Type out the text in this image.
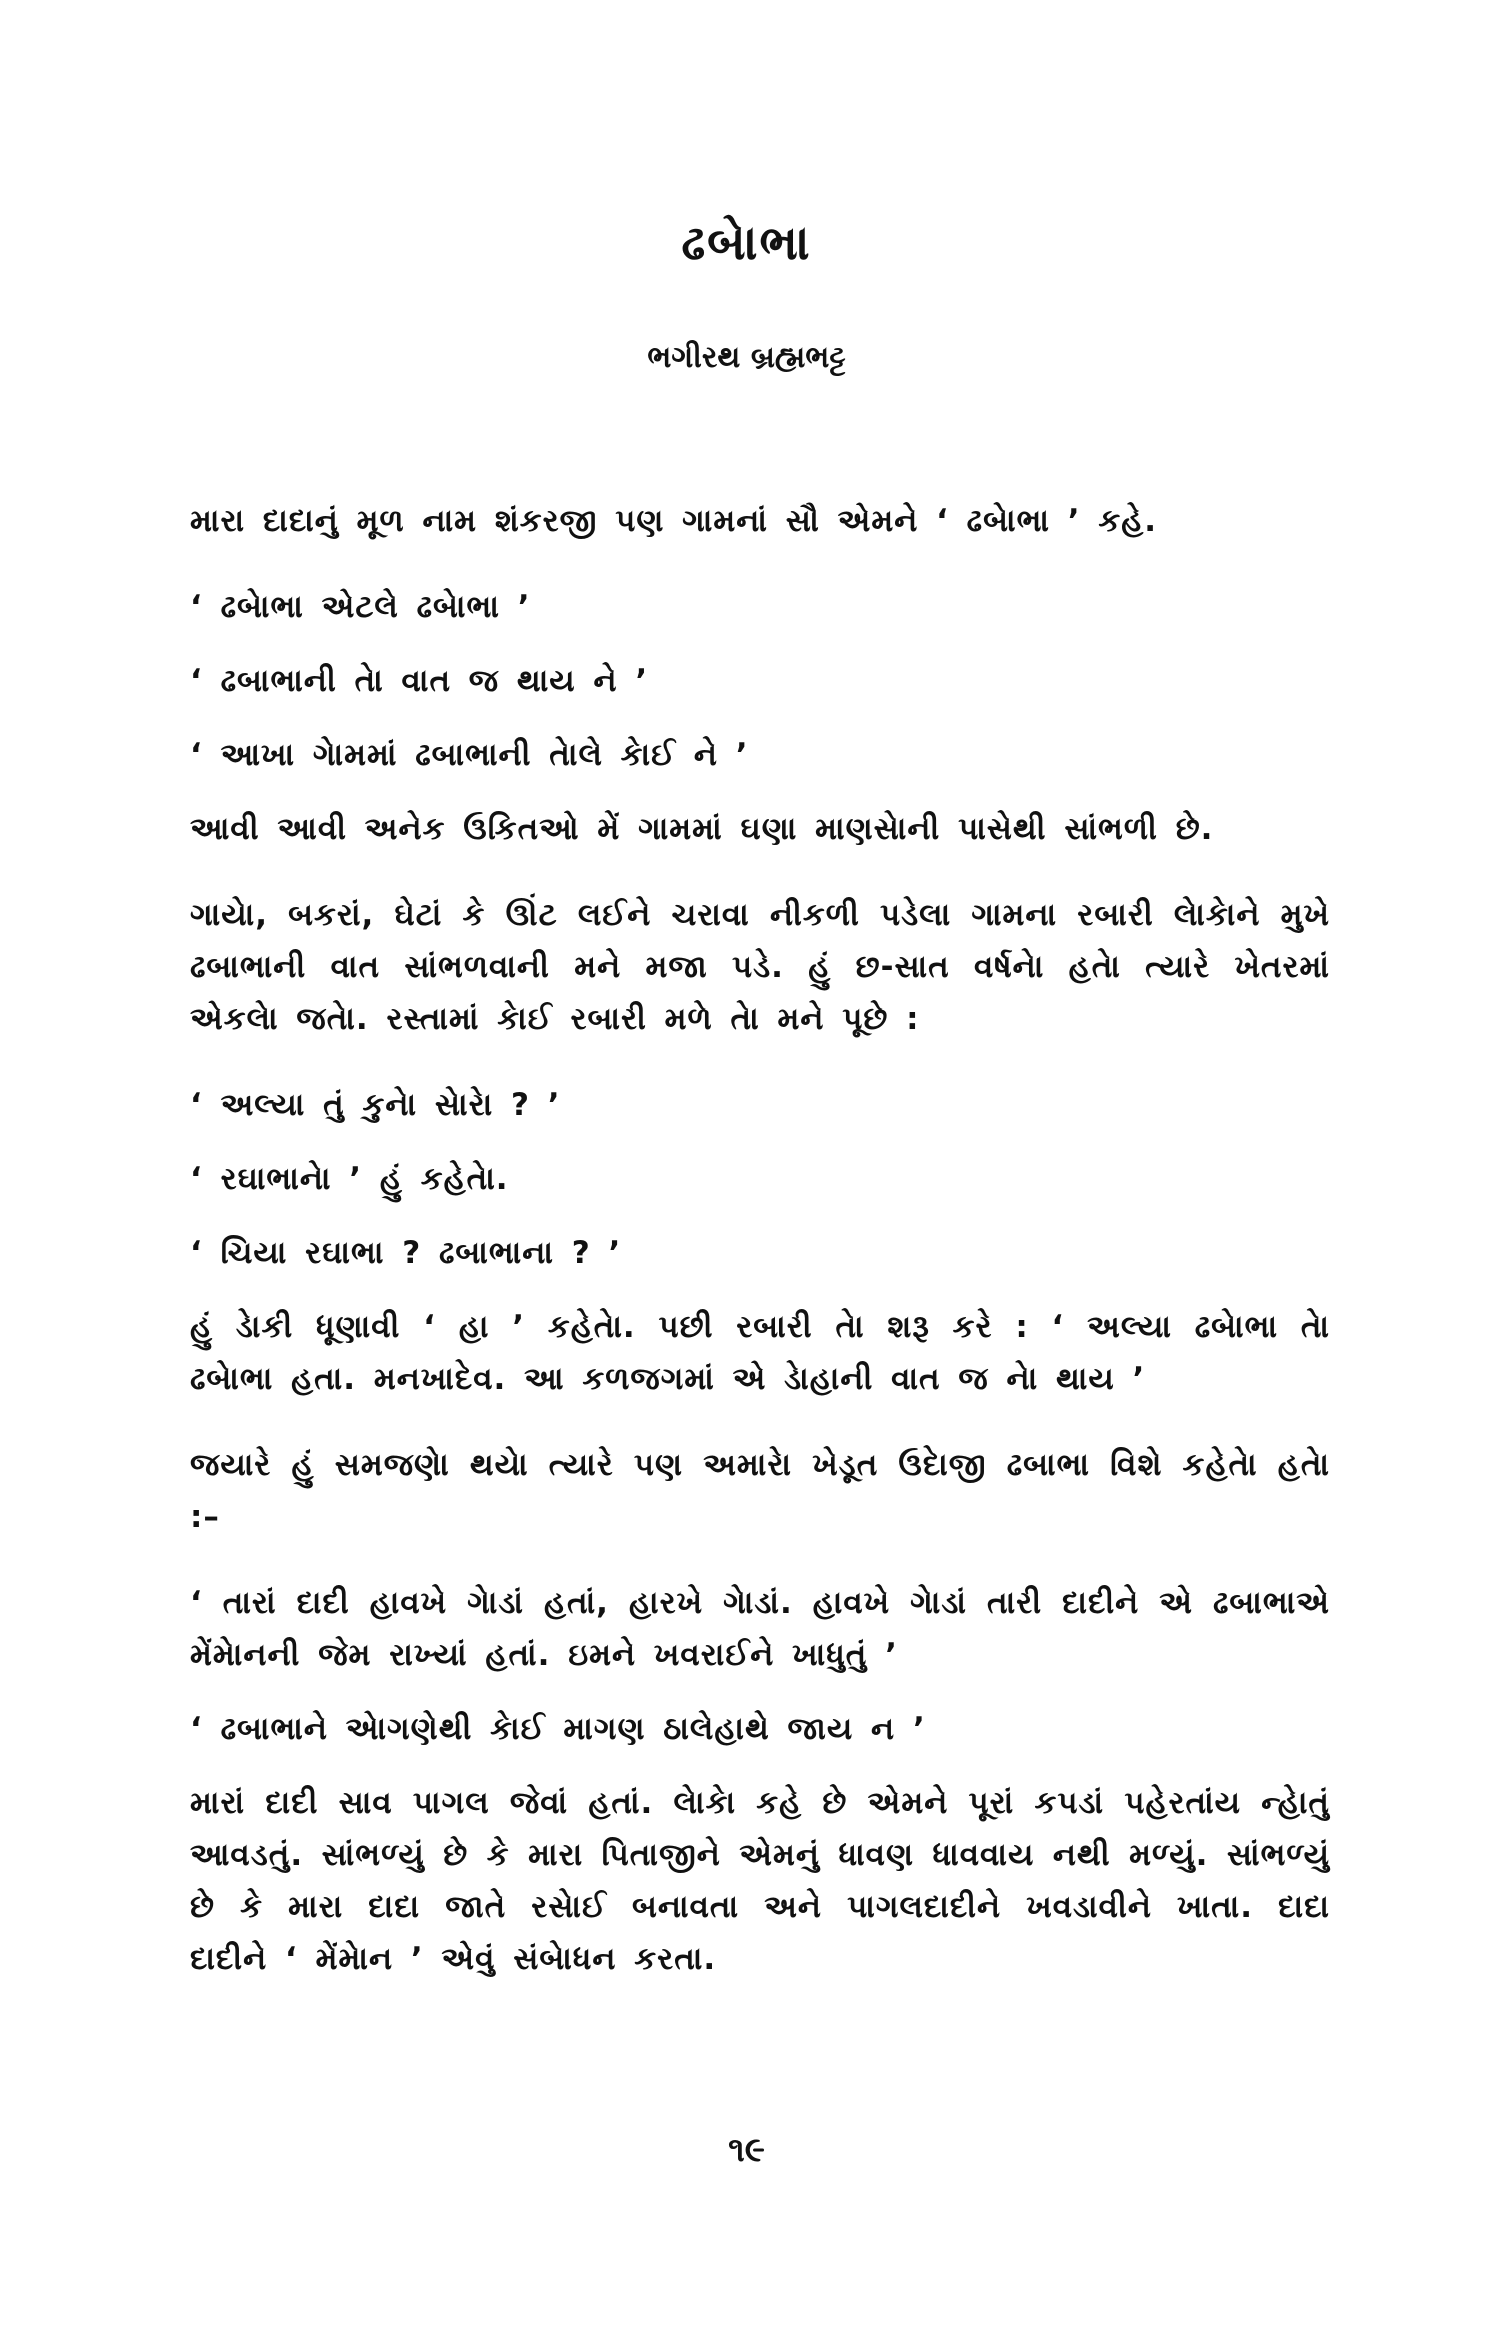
ઢબેાભા
ભગીરથ બ્રહ્મભટ્ટ

મારા દાદાનું મૂળ નામ શંકરજી પણ ગામનાં સૌ એમને ‘ ઢબેાભા ’ કહે.

‘ ઢબેાભા એટલે ઢબેાભા ’

‘ ઢબાભાની તેા વાત જ થાય ને ’

‘ આખા ગેામમાં ઢબાભાની તેાલે કેાઈ ને ’

આવી આવી અનેક ઉકિતઓ મેં ગામમાં ઘણા માણસેાની પાસેથી સાંભળી છે.

ગાયેા, બકરાં, ઘેટાં કે ઊંટ લઈને ચરાવા નીકળી પડેલા ગામના રબારી લેાકેાને મુખે ઢબાભાની વાત સાંભળવાની મને મજા પડે. હું છ-સાત વર્ષનેા હતેા ત્યારે ખેતરમાં એકલેા જતેા. રસ્તામાં કેાઈ રબારી મળે તેા મને પૂછે :

‘ અલ્યા તું કુનેા સેારેા ? ’

‘ રઘાભાનેા ’ હું કહેતેા.

‘ ચિયા રઘાભા ? ઢબાભાના ? ’

હું ડેાકી ધૂણાવી ‘ હા ’ કહેતેા. પછી રબારી તેા શરૂ કરે : ‘ અલ્યા ઢબેાભા તેા ઢબેાભા હતા. મનખાદેવ. આ કળજગમાં એ ડેાહાની વાત જ નેા થાય ’

જયારે હું સમજણેા થયેા ત્યારે પણ અમારેા ખેડૂત ઉદેાજી ઢબાભા વિશે કહેતેા હતેા :–

‘ તારાં દાદી હાવખે ગેાડાં હતાં, હારખે ગેાડાં. હાવખે ગેાડાં તારી દાદીને એ ઢબાભાએ મેંમેાનની જેમ રાખ્યાં હતાં. ઇમને ખવરાઈને ખાધુતું ’

‘ ઢબાભાને એાગણેથી કેાઈ માગણ ઠાલેહાથે જાય ન ’

મારાં દાદી સાવ પાગલ જેવાં હતાં. લેાકેા કહે છે એમને પૂરાં કપડાં પહેરતાંય ન્હેાતું આવડતું. સાંભળ્યું છે કે મારા પિતાજીને એમનું ધાવણ ધાવવાય નથી મળ્યું. સાંભળ્યું છે કે મારા દાદા જાતે રસેાઈ બનાવતા અને પાગલદાદીને ખવડાવીને ખાતા. દાદા દાદીને ‘ મેંમેાન ’ એવું સંબેાધન કરતા.

૧૯
